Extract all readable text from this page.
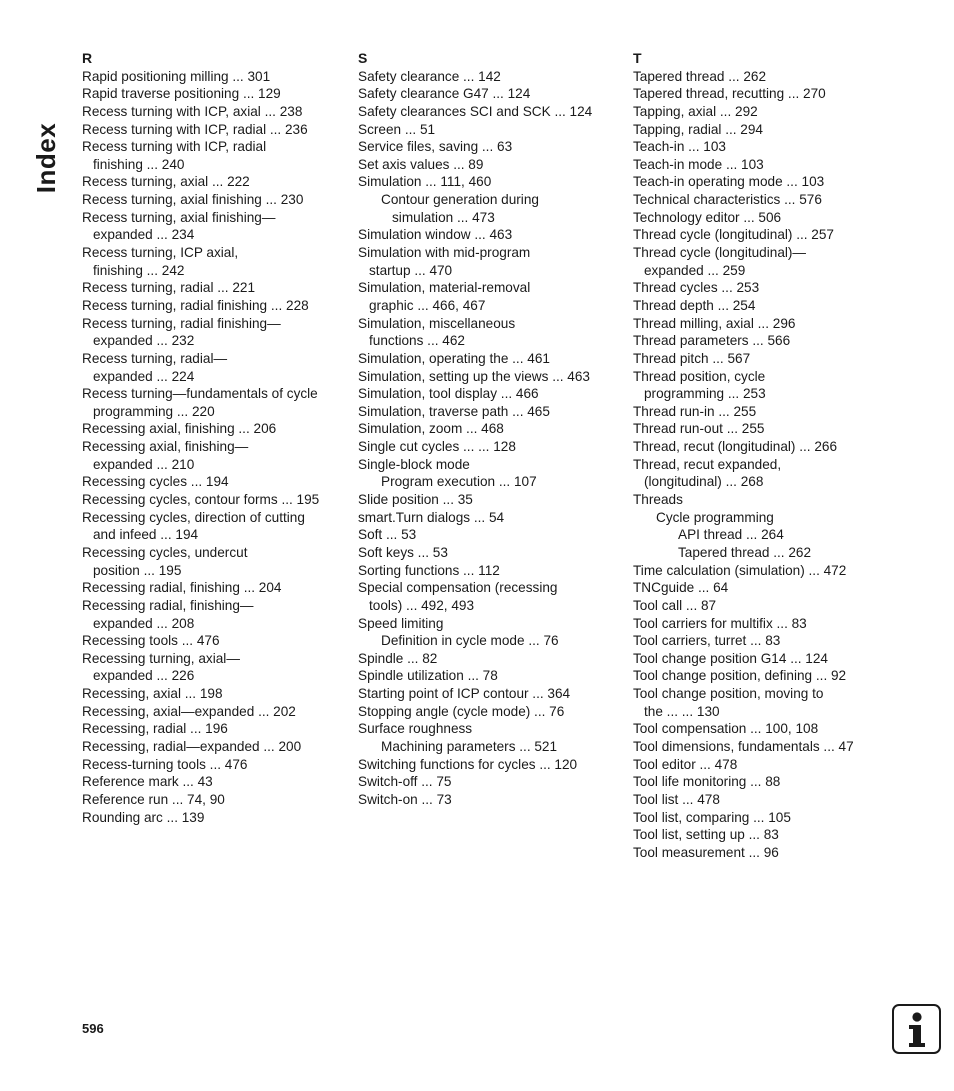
Index
R
Rapid positioning milling ... 301
Rapid traverse positioning ... 129
Recess turning with ICP, axial ... 238
Recess turning with ICP, radial ... 236
Recess turning with ICP, radial
finishing ... 240
Recess turning, axial ... 222
Recess turning, axial finishing ... 230
Recess turning, axial finishing—
expanded ... 234
Recess turning, ICP axial,
finishing ... 242
Recess turning, radial ... 221
Recess turning, radial finishing ... 228
Recess turning, radial finishing—
expanded ... 232
Recess turning, radial—
expanded ... 224
Recess turning—fundamentals of cycle
programming ... 220
Recessing axial, finishing ... 206
Recessing axial, finishing—
expanded ... 210
Recessing cycles ... 194
Recessing cycles, contour forms ... 195
Recessing cycles, direction of cutting
and infeed ... 194
Recessing cycles, undercut
position ... 195
Recessing radial, finishing ... 204
Recessing radial, finishing—
expanded ... 208
Recessing tools ... 476
Recessing turning, axial—
expanded ... 226
Recessing, axial ... 198
Recessing, axial—expanded ... 202
Recessing, radial ... 196
Recessing, radial—expanded ... 200
Recess-turning tools ... 476
Reference mark ... 43
Reference run ... 74, 90
Rounding arc ... 139
S
Safety clearance ... 142
Safety clearance G47 ... 124
Safety clearances SCI and SCK ... 124
Screen ... 51
Service files, saving ... 63
Set axis values ... 89
Simulation ... 111, 460
Contour generation during
simulation ... 473
Simulation window ... 463
Simulation with mid-program
startup ... 470
Simulation, material-removal
graphic ... 466, 467
Simulation, miscellaneous
functions ... 462
Simulation, operating the ... 461
Simulation, setting up the views ... 463
Simulation, tool display ... 466
Simulation, traverse path ... 465
Simulation, zoom ... 468
Single cut cycles ... ... 128
Single-block mode
Program execution ... 107
Slide position ... 35
smart.Turn dialogs ... 54
Soft ... 53
Soft keys ... 53
Sorting functions ... 112
Special compensation (recessing
tools) ... 492, 493
Speed limiting
Definition in cycle mode ... 76
Spindle ... 82
Spindle utilization ... 78
Starting point of ICP contour ... 364
Stopping angle (cycle mode) ... 76
Surface roughness
Machining parameters ... 521
Switching functions for cycles ... 120
Switch-off ... 75
Switch-on ... 73
T
Tapered thread ... 262
Tapered thread, recutting ... 270
Tapping, axial ... 292
Tapping, radial ... 294
Teach-in ... 103
Teach-in mode ... 103
Teach-in operating mode ... 103
Technical characteristics ... 576
Technology editor ... 506
Thread cycle (longitudinal) ... 257
Thread cycle (longitudinal)—
expanded ... 259
Thread cycles ... 253
Thread depth ... 254
Thread milling, axial ... 296
Thread parameters ... 566
Thread pitch ... 567
Thread position, cycle
programming ... 253
Thread run-in ... 255
Thread run-out ... 255
Thread, recut (longitudinal) ... 266
Thread, recut expanded,
(longitudinal) ... 268
Threads
Cycle programming
API thread ... 264
Tapered thread ... 262
Time calculation (simulation) ... 472
TNCguide ... 64
Tool call ... 87
Tool carriers for multifix ... 83
Tool carriers, turret ... 83
Tool change position G14 ... 124
Tool change position, defining ... 92
Tool change position, moving to
the ... ... 130
Tool compensation ... 100, 108
Tool dimensions, fundamentals ... 47
Tool editor ... 478
Tool life monitoring ... 88
Tool list ... 478
Tool list, comparing ... 105
Tool list, setting up ... 83
Tool measurement ... 96
596
